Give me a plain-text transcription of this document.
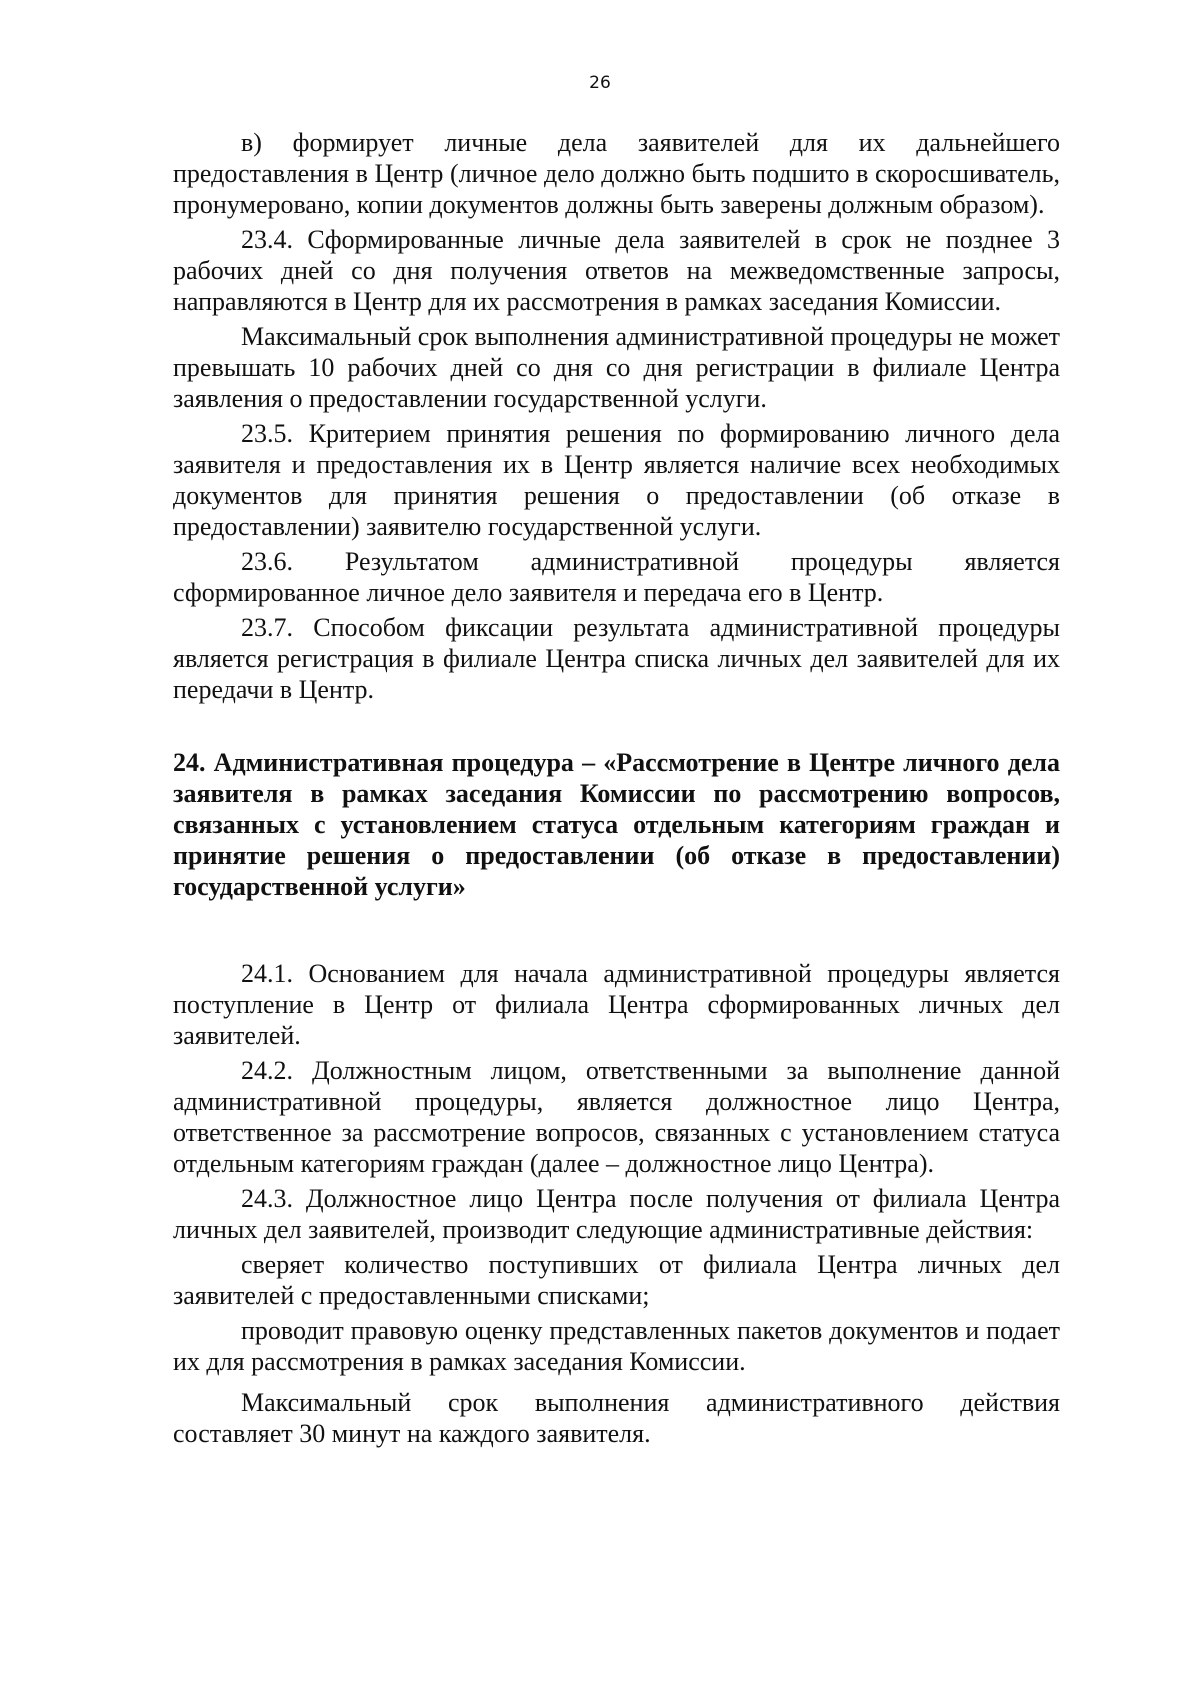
26

в) формирует личные дела заявителей для их дальнейшего предоставления в Центр (личное дело должно быть подшито в скоросшиватель, пронумеровано, копии документов должны быть заверены должным образом).

23.4. Сформированные личные дела заявителей в срок не позднее 3 рабочих дней со дня получения ответов на межведомственные запросы, направляются в Центр для их рассмотрения в рамках заседания Комиссии.

Максимальный срок выполнения административной процедуры не может превышать 10 рабочих дней со дня со дня регистрации в филиале Центра заявления о предоставлении государственной услуги.

23.5. Критерием принятия решения по формированию личного дела заявителя и предоставления их в Центр является наличие всех необходимых документов для принятия решения о предоставлении (об отказе в предоставлении) заявителю государственной услуги.

23.6. Результатом административной процедуры является сформированное личное дело заявителя и передача его в Центр.

23.7. Способом фиксации результата административной процедуры является регистрация в филиале Центра списка личных дел заявителей для их передачи в Центр.

24. Административная процедура – «Рассмотрение в Центре личного дела заявителя в рамках заседания Комиссии по рассмотрению вопросов, связанных с установлением статуса отдельным категориям граждан и принятие решения о предоставлении (об отказе в предоставлении) государственной услуги»

24.1. Основанием для начала административной процедуры является поступление в Центр от филиала Центра сформированных личных дел заявителей.

24.2. Должностным лицом, ответственными за выполнение данной административной процедуры, является должностное лицо Центра, ответственное за рассмотрение вопросов, связанных с установлением статуса отдельным категориям граждан (далее – должностное лицо Центра).

24.3. Должностное лицо Центра после получения от филиала Центра личных дел заявителей, производит следующие административные действия:

сверяет количество поступивших от филиала Центра личных дел заявителей с предоставленными списками;

проводит правовую оценку представленных пакетов документов и подает их для рассмотрения в рамках заседания Комиссии.

Максимальный срок выполнения административного действия составляет 30 минут на каждого заявителя.
